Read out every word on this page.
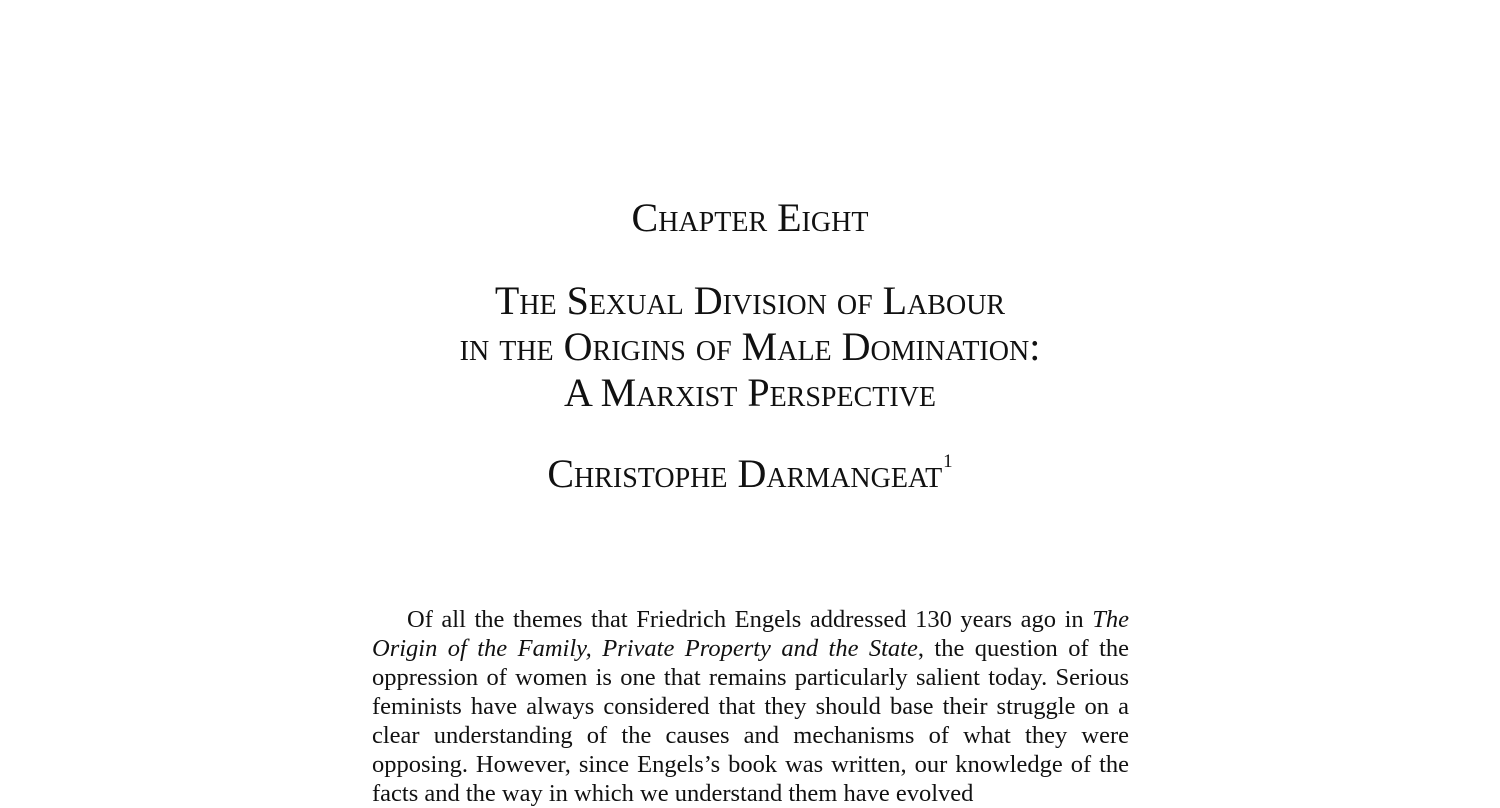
Chapter Eight
The Sexual Division of Labour
in the Origins of Male Domination:
A Marxist Perspective
Christophe Darmangeat$^1$

Of all the themes that Friedrich Engels addressed 130 years ago in The Origin of the Family, Private Property and the State, the question of the oppression of women is one that remains particularly salient today. Serious feminists have always considered that they should base their struggle on a clear understanding of the causes and mechanisms of what they were opposing. However, since Engels’s book was written, our knowledge of the facts and the way in which we understand them have evolved
